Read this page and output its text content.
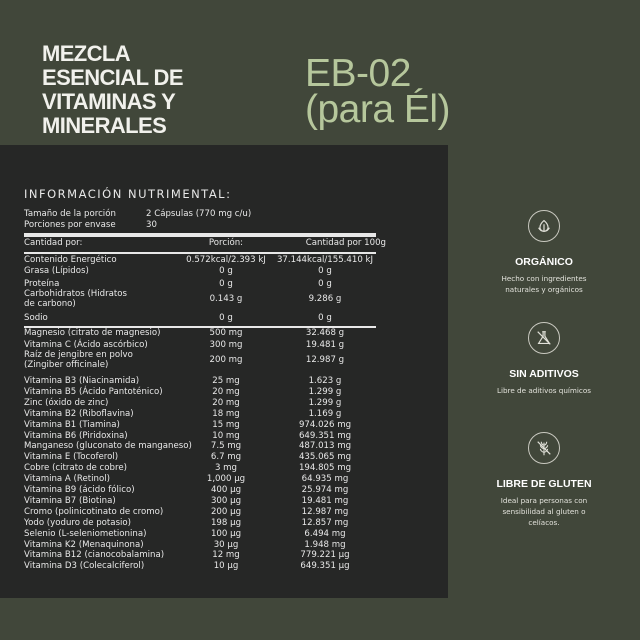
MEZCLA
ESENCIAL DE
VITAMINAS Y
MINERALES
EB-02
(para Él)
INFORMACIÓN NUTRIMENTAL:
Tamaño de la porción	2 Cápsulas (770 mg c/u)
Porciones por envase	30
Cantidad por:	Porción:	Cantidad por 100g
Contenido Energético	0.572kcal/2.393 kJ	37.144kcal/155.410 kJ
Grasa (Lípidos)	0 g	0 g
Proteína	0 g	0 g
Carbohidratos (Hidratos
de carbono)	0.143 g	9.286 g
Sodio	0 g	0 g
Magnesio (citrato de magnesio)	500 mg	32.468 g
Vitamina C (Ácido ascórbico)	300 mg	19.481 g
Raíz de jengibre en polvo
(Zingiber officinale)	200 mg	12.987 g
Vitamina B3 (Niacinamida)	25 mg	1.623 g
Vitamina B5 (Ácido Pantoténico)	20 mg	1.299 g
Zinc (óxido de zinc)	20 mg	1.299 g
Vitamina B2 (Riboflavina)	18 mg	1.169 g
Vitamina B1 (Tiamina)	15 mg	974.026 mg
Vitamina B6 (Piridoxina)	10 mg	649.351 mg
Manganeso (gluconato de manganeso)	7.5 mg	487.013 mg
Vitamina E (Tocoferol)	6.7 mg	435.065 mg
Cobre (citrato de cobre)	3 mg	194.805 mg
Vitamina A (Retinol)	1,000 µg	64.935 mg
Vitamina B9 (ácido fólico)	400 µg	25.974 mg
Vitamina B7 (Biotina)	300 µg	19.481 mg
Cromo (polinicotinato de cromo)	200 µg	12.987 mg
Yodo (yoduro de potasio)	198 µg	12.857 mg
Selenio (L-seleniometionina)	100 µg	6.494 mg
Vitamina K2 (Menaquinona)	30 µg	1.948 mg
Vitamina B12 (cianocobalamina)	12 mg	779.221 µg
Vitamina D3 (Colecalciferol)	10 µg	649.351 µg
ORGÁNICO
Hecho con ingredientes naturales y orgánicos
SIN ADITIVOS
Libre de aditivos químicos
LIBRE DE GLUTEN
Ideal para personas con sensibilidad al gluten o celíacos.
